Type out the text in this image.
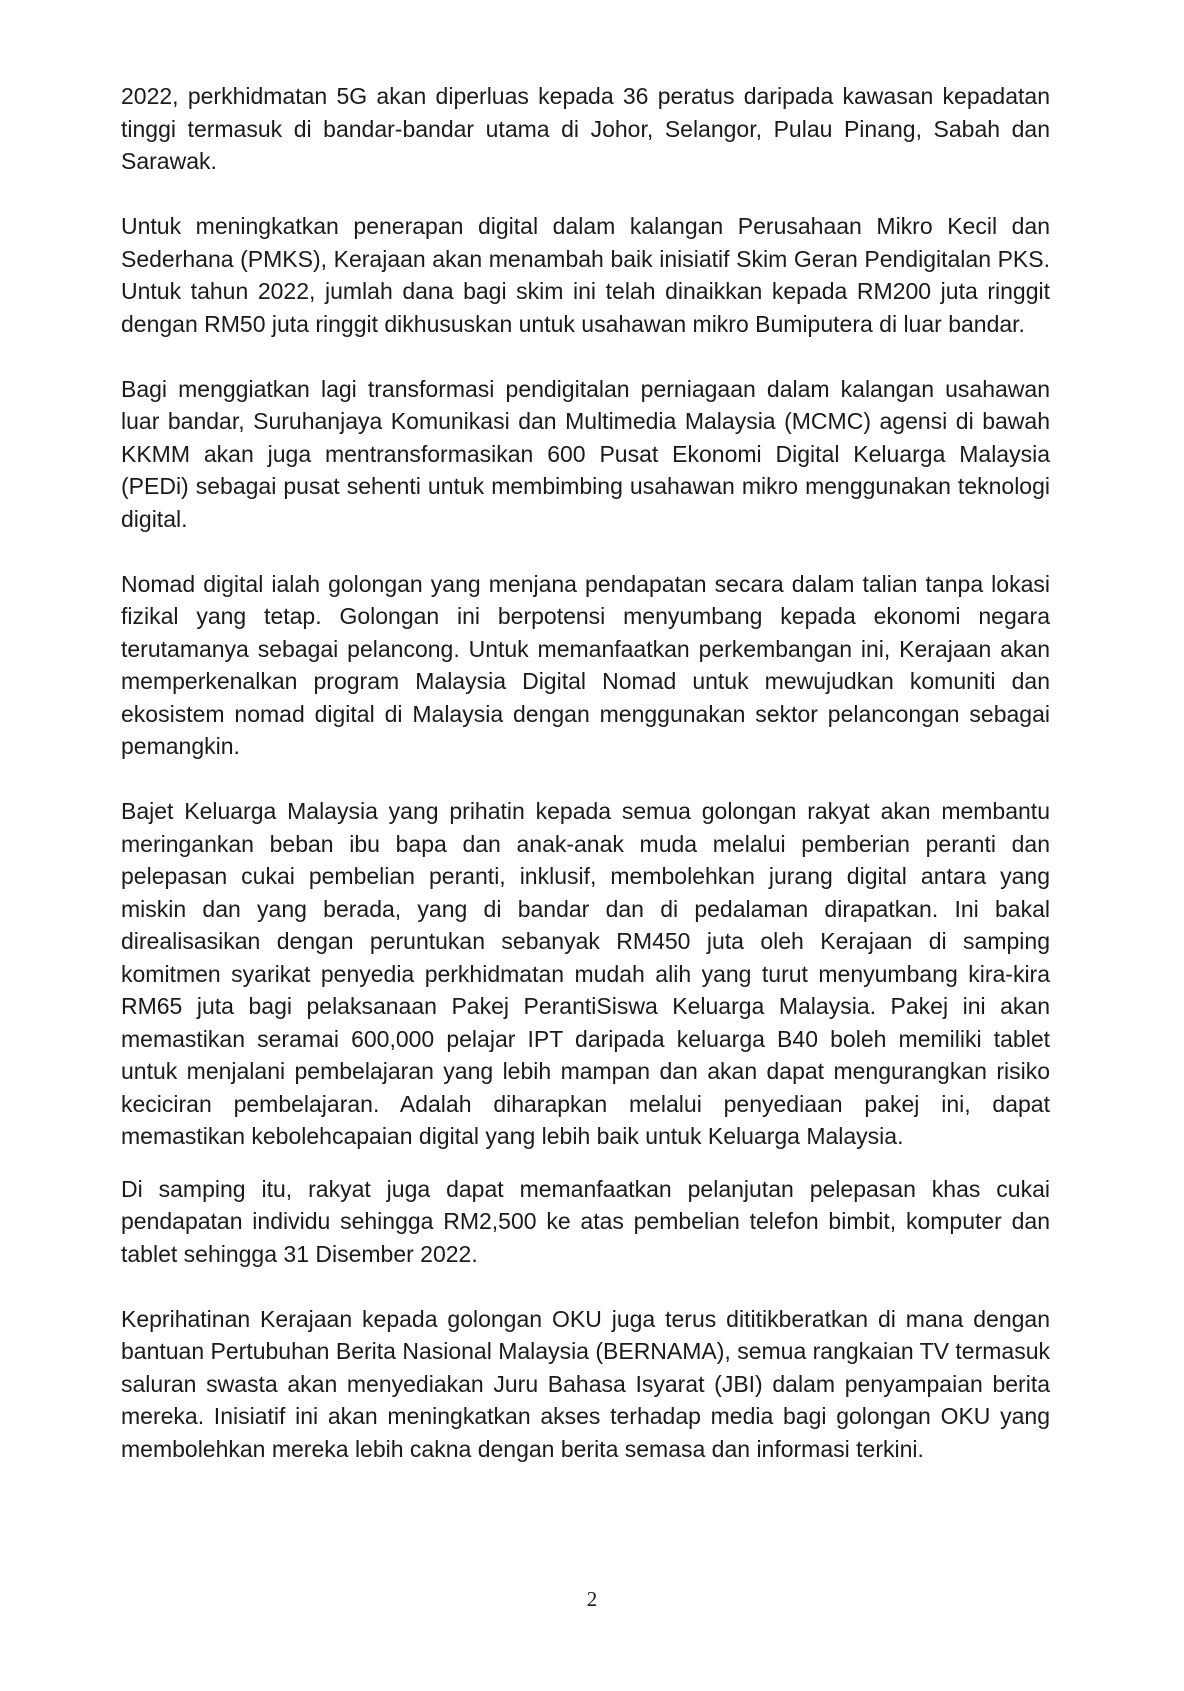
2022, perkhidmatan 5G akan diperluas kepada 36 peratus daripada kawasan kepadatan tinggi termasuk di bandar-bandar utama di Johor, Selangor, Pulau Pinang, Sabah dan Sarawak.

Untuk meningkatkan penerapan digital dalam kalangan Perusahaan Mikro Kecil dan Sederhana (PMKS), Kerajaan akan menambah baik inisiatif Skim Geran Pendigitalan PKS. Untuk tahun 2022, jumlah dana bagi skim ini telah dinaikkan kepada RM200 juta ringgit dengan RM50 juta ringgit dikhususkan untuk usahawan mikro Bumiputera di luar bandar.

Bagi menggiatkan lagi transformasi pendigitalan perniagaan dalam kalangan usahawan luar bandar, Suruhanjaya Komunikasi dan Multimedia Malaysia (MCMC) agensi di bawah KKMM akan juga mentransformasikan 600 Pusat Ekonomi Digital Keluarga Malaysia (PEDi) sebagai pusat sehenti untuk membimbing usahawan mikro menggunakan teknologi digital.

Nomad digital ialah golongan yang menjana pendapatan secara dalam talian tanpa lokasi fizikal yang tetap. Golongan ini berpotensi menyumbang kepada ekonomi negara terutamanya sebagai pelancong. Untuk memanfaatkan perkembangan ini, Kerajaan akan memperkenalkan program Malaysia Digital Nomad untuk mewujudkan komuniti dan ekosistem nomad digital di Malaysia dengan menggunakan sektor pelancongan sebagai pemangkin.

Bajet Keluarga Malaysia yang prihatin kepada semua golongan rakyat akan membantu meringankan beban ibu bapa dan anak-anak muda melalui pemberian peranti dan pelepasan cukai pembelian peranti, inklusif, membolehkan jurang digital antara yang miskin dan yang berada, yang di bandar dan di pedalaman dirapatkan. Ini bakal direalisasikan dengan peruntukan sebanyak RM450 juta oleh Kerajaan di samping komitmen syarikat penyedia perkhidmatan mudah alih yang turut menyumbang kira-kira RM65 juta bagi pelaksanaan Pakej PerantiSiswa Keluarga Malaysia. Pakej ini akan memastikan seramai 600,000 pelajar IPT daripada keluarga B40 boleh memiliki tablet untuk menjalani pembelajaran yang lebih mampan dan akan dapat mengurangkan risiko keciciran pembelajaran. Adalah diharapkan melalui penyediaan pakej ini, dapat memastikan kebolehcapaian digital yang lebih baik untuk Keluarga Malaysia.

Di samping itu, rakyat juga dapat memanfaatkan pelanjutan pelepasan khas cukai pendapatan individu sehingga RM2,500 ke atas pembelian telefon bimbit, komputer dan tablet sehingga 31 Disember 2022.

Keprihatinan Kerajaan kepada golongan OKU juga terus dititikberatkan di mana dengan bantuan Pertubuhan Berita Nasional Malaysia (BERNAMA), semua rangkaian TV termasuk saluran swasta akan menyediakan Juru Bahasa Isyarat (JBI) dalam penyampaian berita mereka. Inisiatif ini akan meningkatkan akses terhadap media bagi golongan OKU yang membolehkan mereka lebih cakna dengan berita semasa dan informasi terkini.

2
